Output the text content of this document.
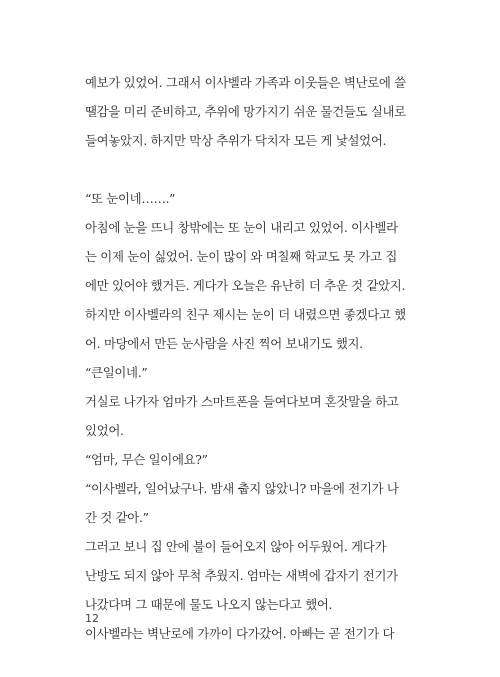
예보가 있었어. 그래서 이사벨라 가족과 이웃들은 벽난로에 쓸
땔감을 미리 준비하고, 추위에 망가지기 쉬운 물건들도 실내로
들여놓았지. 하지만 막상 추위가 닥치자 모든 게 낯설었어.
“또 눈이네…….”
아침에 눈을 뜨니 창밖에는 또 눈이 내리고 있었어. 이사벨라
는 이제 눈이 싫었어. 눈이 많이 와 며칠째 학교도 못 가고 집
에만 있어야 했거든. 게다가 오늘은 유난히 더 추운 것 같았지.
하지만 이사벨라의 친구 제시는 눈이 더 내렸으면 좋겠다고 했
어. 마당에서 만든 눈사람을 사진 찍어 보내기도 했지.
“큰일이네.”
거실로 나가자 엄마가 스마트폰을 들여다보며 혼잣말을 하고
있었어.
“엄마, 무슨 일이에요?”
“이사벨라, 일어났구나. 밤새 춥지 않았니? 마을에 전기가 나
간 것 같아.”
그러고 보니 집 안에 불이 들어오지 않아 어두웠어. 게다가
난방도 되지 않아 무척 추웠지. 엄마는 새벽에 갑자기 전기가
나갔다며 그 때문에 물도 나오지 않는다고 했어.
이사벨라는 벽난로에 가까이 다가갔어. 아빠는 곧 전기가 다
12
